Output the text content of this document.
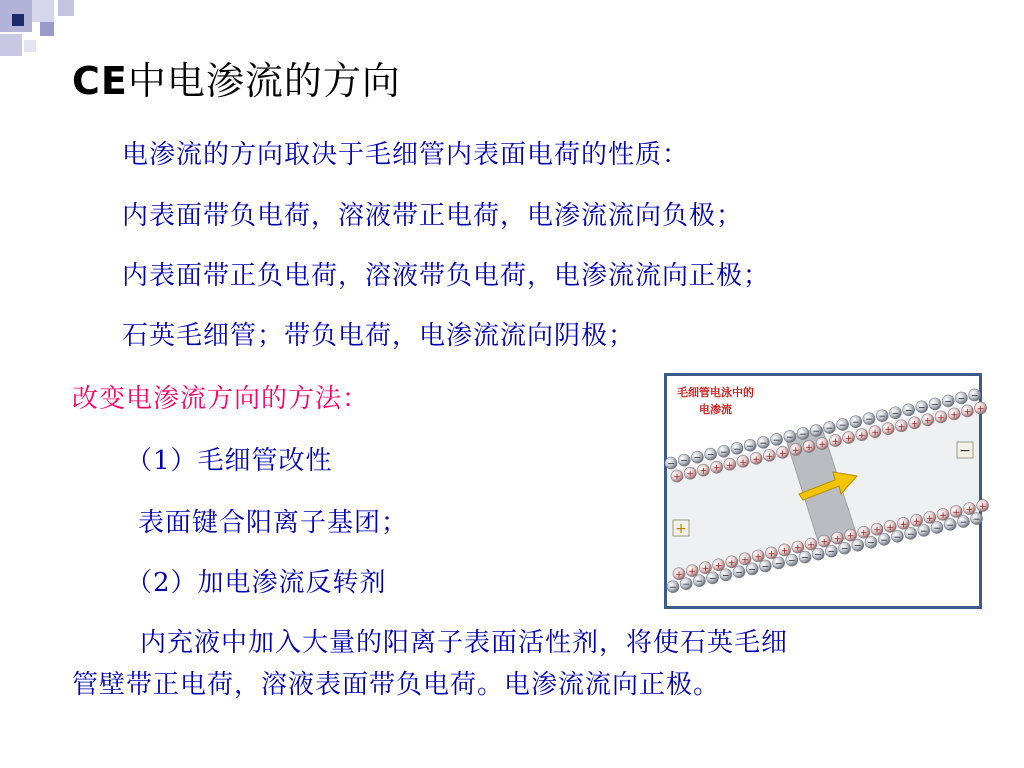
CE中电渗流的方向
电渗流的方向取决于毛细管内表面电荷的性质：
内表面带负电荷，溶液带正电荷，电渗流流向负极；
内表面带正负电荷，溶液带负电荷，电渗流流向正极；
石英毛细管；带负电荷，电渗流流向阴极；
改变电渗流方向的方法：
（1）毛细管改性
表面键合阳离子基团；
（2）加电渗流反转剂
内充液中加入大量的阳离子表面活性剂，将使石英毛细
管壁带正电荷，溶液表面带负电荷。电渗流流向正极。
−
+
−
+
−
+
−
+
−
+
−
+
−
+
−
+
−
+
−
+
−
+
−
+
−
+
−
+
−
+
−
+
−
+
−
+
−
+
−
+
−
+
−
+
−
+
−
+
−
+
−
+
−
+
−
+
−
+
−
+
−
+
−
+
−
+
−
+
−
+
−
+
−
+
−
+
−
+
−
+
−
+
−
+
−
+
−
+
−
+
−
+
−
+
−
+
−
+
毛细管电泳中的
电渗流
